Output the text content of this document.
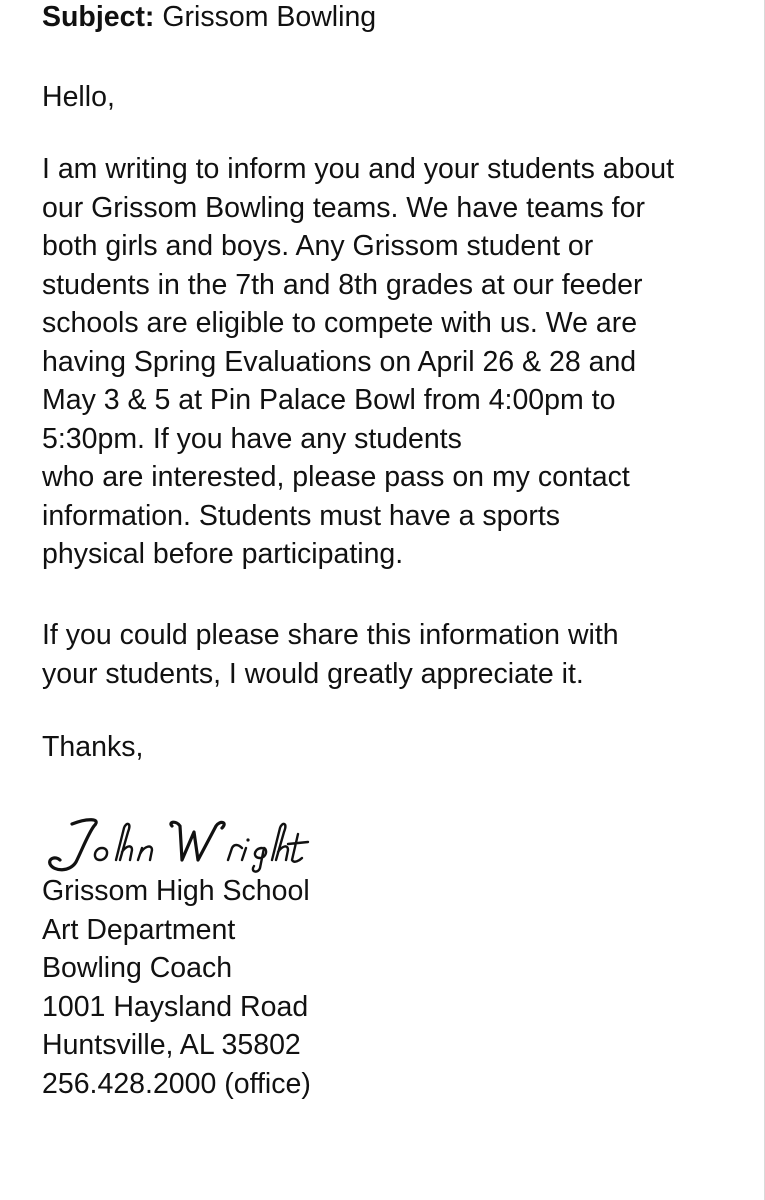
Subject: Grissom Bowling

Hello,

I am writing to inform you and your students about

our Grissom Bowling teams. We have teams for

both girls and boys. Any Grissom student or

students in the 7th and 8th grades at our feeder

schools are eligible to compete with us. We are

having Spring Evaluations on April 26 & 28 and

May 3 & 5 at Pin Palace Bowl from 4:00pm to

5:30pm. If you have any students

who are interested, please pass on my contact

information. Students must have a sports

physical before participating.

If you could please share this information with

your students, I would greatly appreciate it.

Thanks,

Grissom High School

Art Department

Bowling Coach

1001 Haysland Road

Huntsville, AL 35802

256.428.2000 (office)
